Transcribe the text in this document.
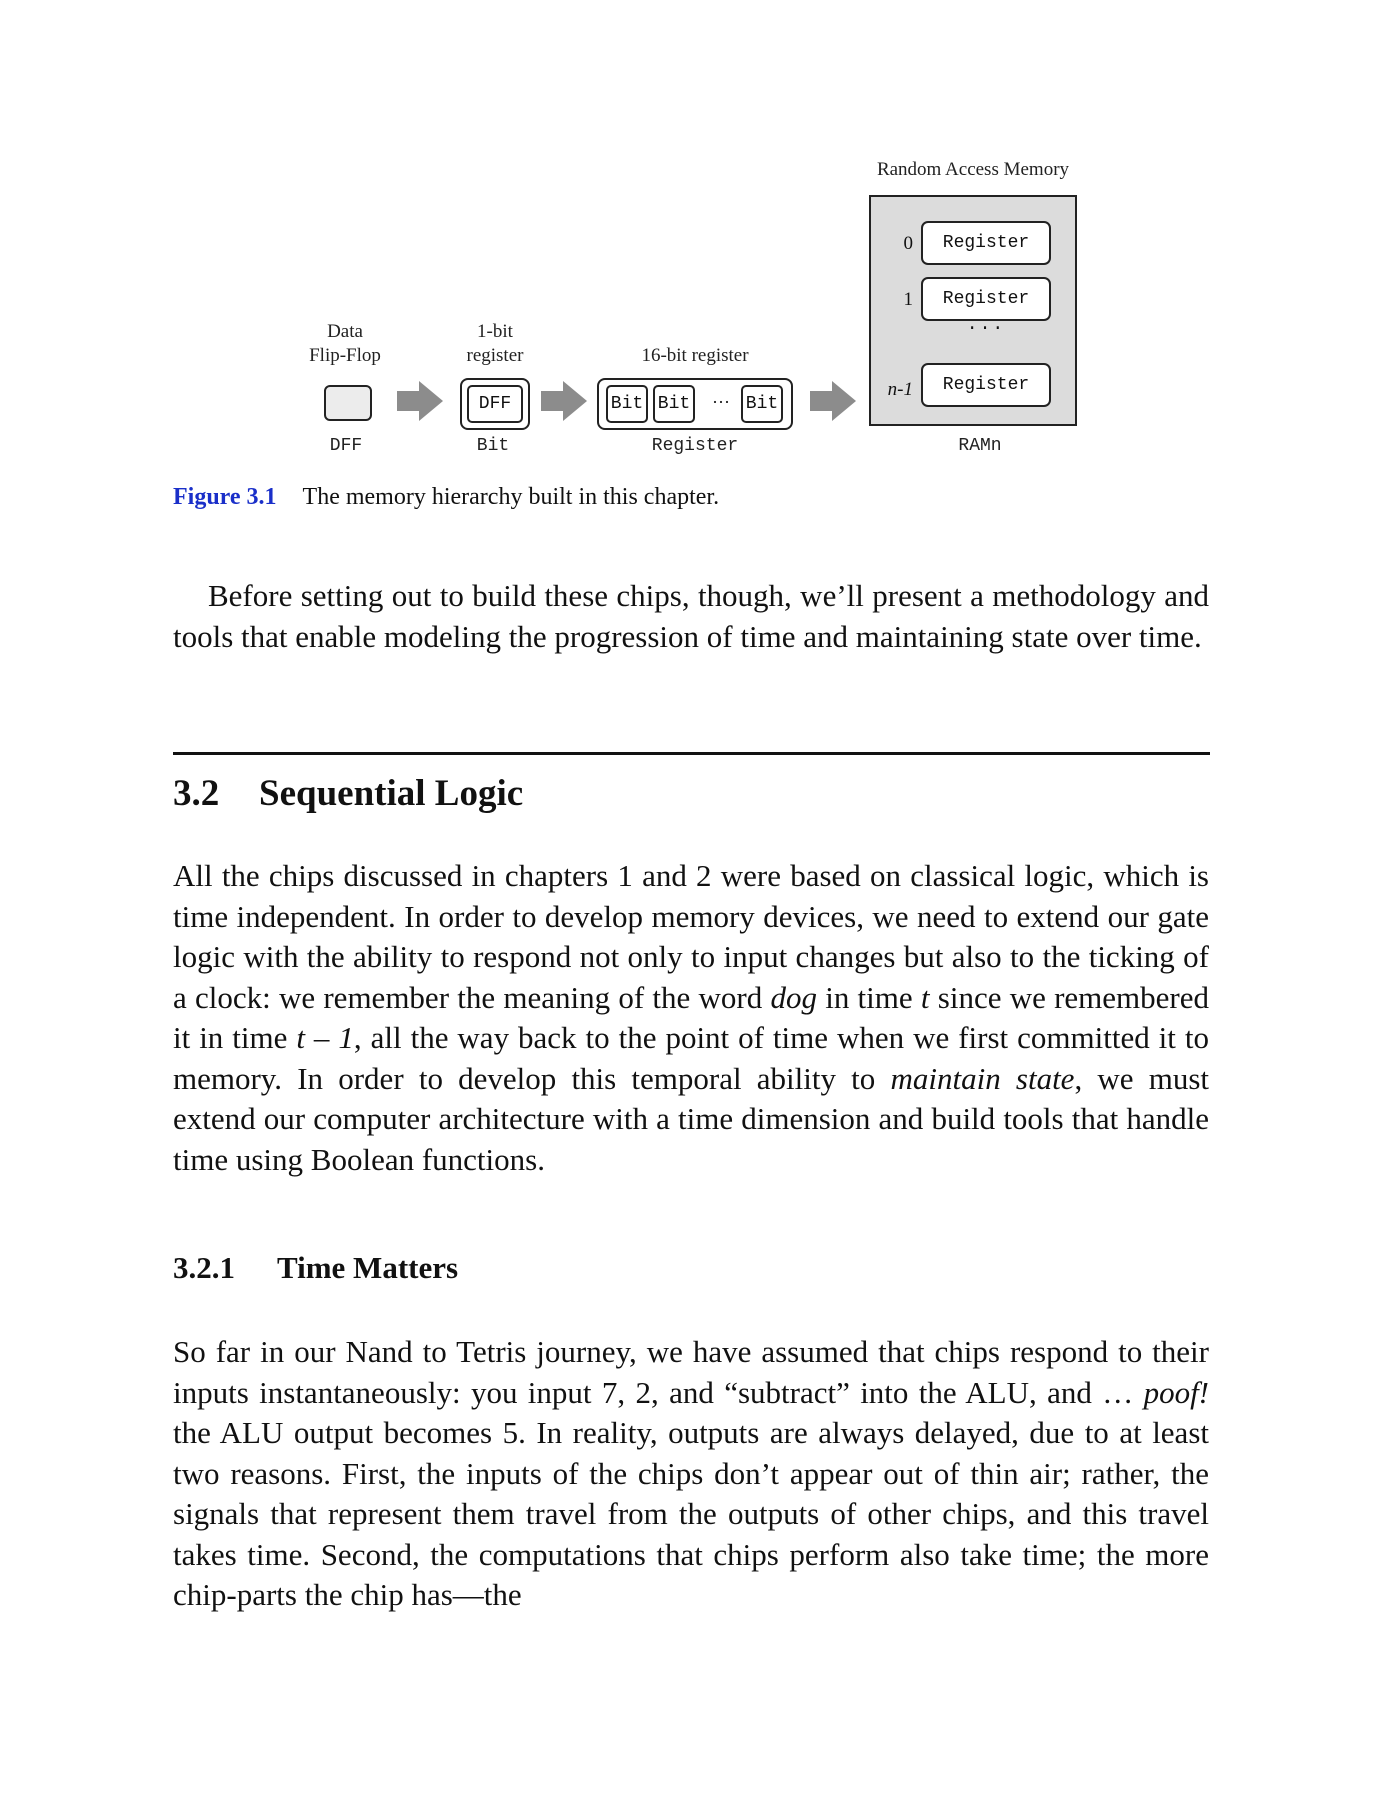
Random Access Memory
Data
Flip-Flop
1-bit
register	16-bit register
DFF	Bit Bit	··· Bit
0	Register
1	Register
...
n-1	Register
DFF	Bit	Register	RAMn
Figure 3.1 The memory hierarchy built in this chapter.

Before setting out to build these chips, though, we’ll present a methodology and tools that enable modeling the progression of time and maintaining state over time.

3.2 Sequential Logic

All the chips discussed in chapters 1 and 2 were based on classical logic, which is time independent. In order to develop memory devices, we need to extend our gate logic with the ability to respond not only to input changes but also to the ticking of a clock: we remember the meaning of the word dog in time t since we remembered it in time t – 1, all the way back to the point of time when we first committed it to memory. In order to develop this temporal ability to maintain state, we must extend our computer architecture with a time dimension and build tools that handle time using Boolean functions.

3.2.1 Time Matters

So far in our Nand to Tetris journey, we have assumed that chips respond to their inputs instantaneously: you input 7, 2, and “subtract” into the ALU, and … poof! the ALU output becomes 5. In reality, outputs are always delayed, due to at least two reasons. First, the inputs of the chips don’t appear out of thin air; rather, the signals that represent them travel from the outputs of other chips, and this travel takes time. Second, the computations that chips perform also take time; the more chip-parts the chip has—the
